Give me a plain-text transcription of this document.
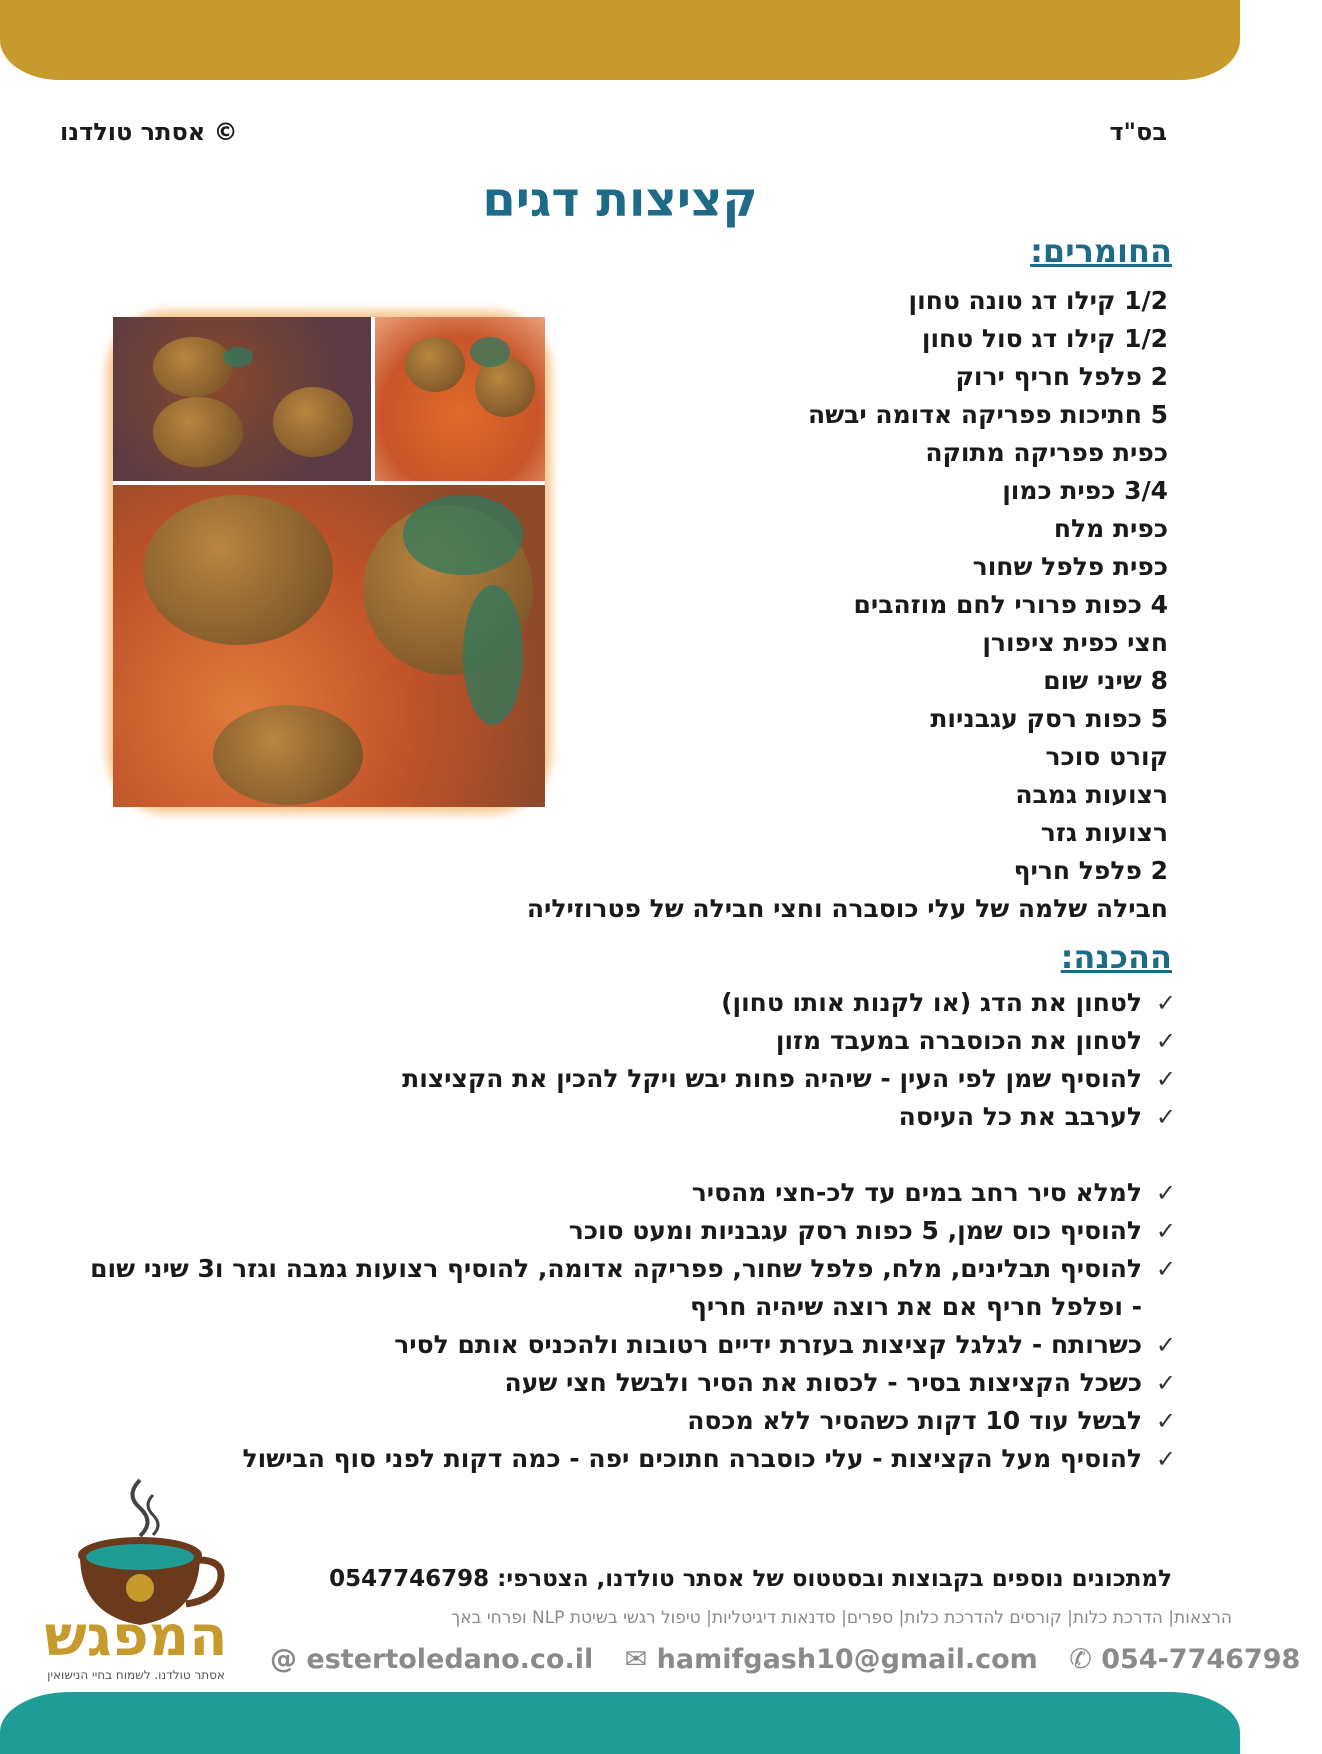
בס"ד
© אסתר טולדנו
קציצות דגים
החומרים:
1/2 קילו דג טונה טחון
1/2 קילו דג סול טחון
2 פלפל חריף ירוק
5 חתיכות פפריקה אדומה יבשה
כפית פפריקה מתוקה
3/4 כפית כמון
כפית מלח
כפית פלפל שחור
4 כפות פרורי לחם מוזהבים
חצי כפית ציפורן
8 שיני שום
5 כפות רסק עגבניות
קורט סוכר
רצועות גמבה
רצועות גזר
2 פלפל חריף
חבילה שלמה של עלי כוסברה וחצי חבילה של פטרוזיליה
ההכנה:
✓
לטחון את הדג (או לקנות אותו טחון)
✓
לטחון את הכוסברה במעבד מזון
✓
להוסיף שמן לפי העין - שיהיה פחות יבש ויקל להכין את הקציצות
✓
לערבב את כל העיסה
✓
למלא סיר רחב במים עד לכ-חצי מהסיר
✓
להוסיף כוס שמן, 5 כפות רסק עגבניות ומעט סוכר
✓
להוסיף תבלינים, מלח, פלפל שחור, פפריקה אדומה, להוסיף רצועות גמבה וגזר ו3 שיני שום - ופלפל חריף אם את רוצה שיהיה חריף
✓
כשרותח - לגלגל קציצות בעזרת ידיים רטובות ולהכניס אותם לסיר
✓
כשכל הקציצות בסיר - לכסות את הסיר ולבשל חצי שעה
✓
לבשל עוד 10 דקות כשהסיר ללא מכסה
✓
להוסיף מעל הקציצות - עלי כוסברה חתוכים יפה - כמה דקות לפני סוף הבישול
המפגש
אסתר טולדנו. לשמוח בחיי הנישואין
למתכונים נוספים בקבוצות ובסטטוס של אסתר טולדנו, הצטרפי: 0547746798
הרצאות| הדרכת כלות| קורסים להדרכת כלות| ספרים| סדנאות דיגיטליות| טיפול רגשי בשיטת NLP ופרחי באך
@ estertoledano.co.il ✉ hamifgash10@gmail.com ✆ 054-7746798
